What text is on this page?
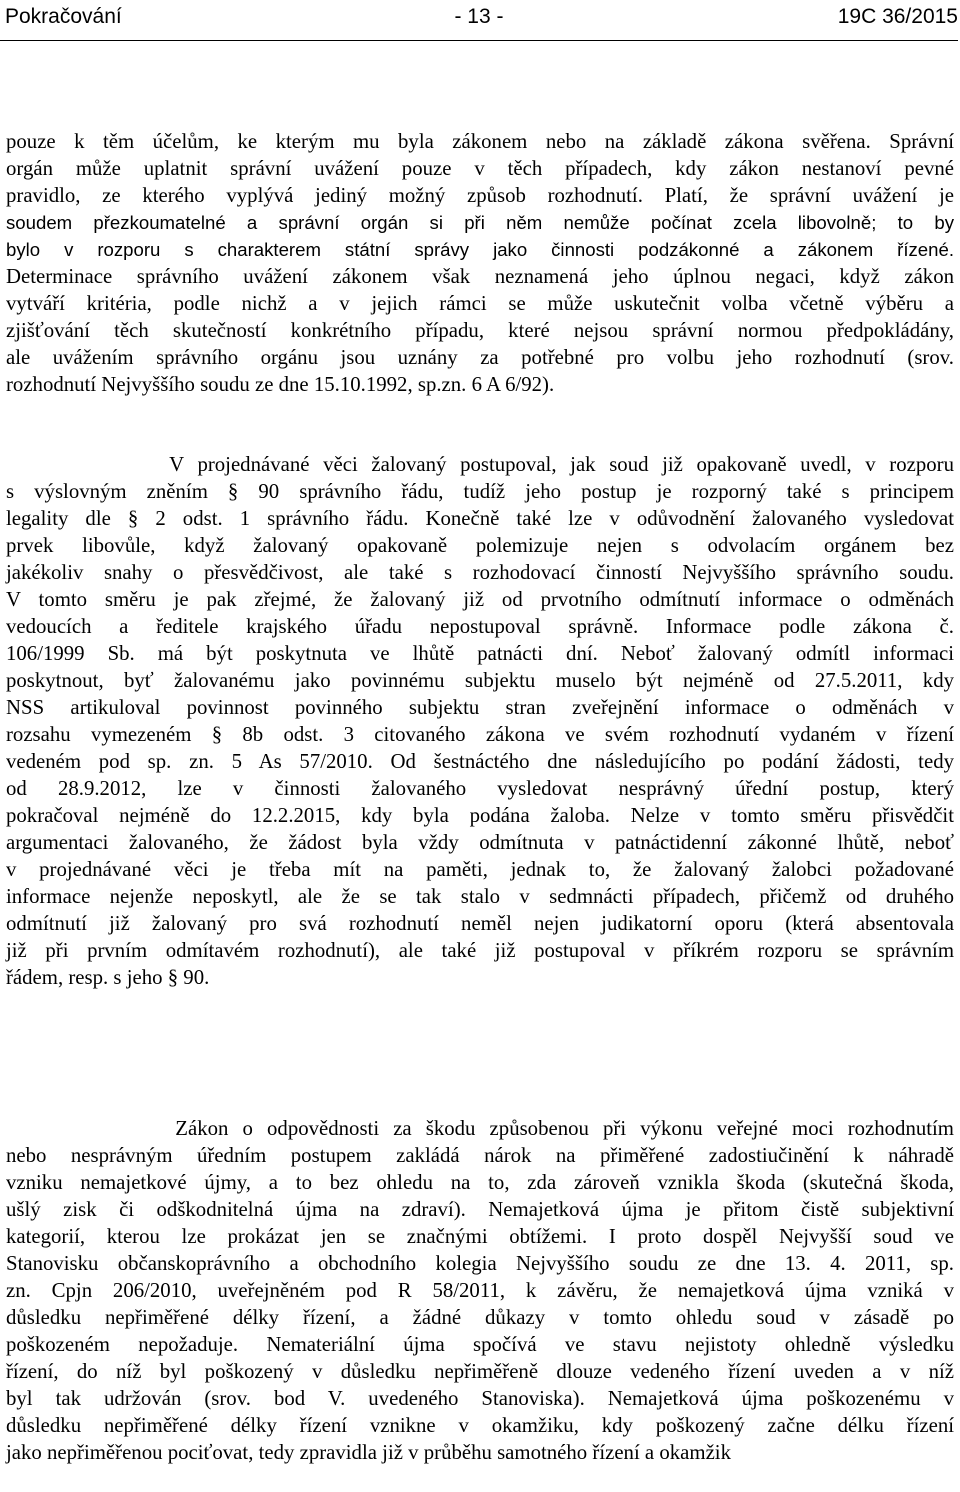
Pokračování	- 13 -	19C 36/2015
pouze k těm účelům, ke kterým mu byla zákonem nebo na základě zákona svěřena. Správní
orgán může uplatnit správní uvážení pouze v těch případech, kdy zákon nestanoví pevné
pravidlo, ze kterého vyplývá jediný možný způsob rozhodnutí. Platí, že správní uvážení je
soudem přezkoumatelné a správní orgán si při něm nemůže počínat zcela libovolně; to by
bylo v rozporu s charakterem státní správy jako činnosti podzákonné a zákonem řízené.
Determinace správního uvážení zákonem však neznamená jeho úplnou negaci, když zákon
vytváří kritéria, podle nichž a v jejich rámci se může uskutečnit volba včetně výběru a
zjišťování těch skutečností konkrétního případu, které nejsou správní normou předpokládány,
ale uvážením správního orgánu jsou uznány za potřebné pro volbu jeho rozhodnutí (srov.
rozhodnutí Nejvyššího soudu ze dne 15.10.1992, sp.zn. 6 A 6/92).
V projednávané věci žalovaný postupoval, jak soud již opakovaně uvedl, v rozporu
s výslovným zněním § 90 správního řádu, tudíž jeho postup je rozporný také s principem
legality dle § 2 odst. 1 správního řádu. Konečně také lze v odůvodnění žalovaného vysledovat
prvek libovůle, když žalovaný opakovaně polemizuje nejen s odvolacím orgánem bez
jakékoliv snahy o přesvědčivost, ale také s rozhodovací činností Nejvyššího správního soudu.
V tomto směru je pak zřejmé, že žalovaný již od prvotního odmítnutí informace o odměnách
vedoucích a ředitele krajského úřadu nepostupoval správně. Informace podle zákona č.
106/1999 Sb. má být poskytnuta ve lhůtě patnácti dní. Neboť žalovaný odmítl informaci
poskytnout, byť žalovanému jako povinnému subjektu muselo být nejméně od 27.5.2011, kdy
NSS artikuloval povinnost povinného subjektu stran zveřejnění informace o odměnách v
rozsahu vymezeném § 8b odst. 3 citovaného zákona ve svém rozhodnutí vydaném v řízení
vedeném pod sp. zn. 5 As 57/2010. Od šestnáctého dne následujícího po podání žádosti, tedy
od 28.9.2012, lze v činnosti žalovaného vysledovat nesprávný úřední postup, který
pokračoval nejméně do 12.2.2015, kdy byla podána žaloba. Nelze v tomto směru přisvědčit
argumentaci žalovaného, že žádost byla vždy odmítnuta v patnáctidenní zákonné lhůtě, neboť
v projednávané věci je třeba mít na paměti, jednak to, že žalovaný žalobci požadované
informace nejenže neposkytl, ale že se tak stalo v sedmnácti případech, přičemž od druhého
odmítnutí již žalovaný pro svá rozhodnutí neměl nejen judikatorní oporu (která absentovala
již při prvním odmítavém rozhodnutí), ale také již postupoval v příkrém rozporu se správním
řádem, resp. s jeho § 90.
Zákon o odpovědnosti za škodu způsobenou při výkonu veřejné moci rozhodnutím
nebo nesprávným úředním postupem zakládá nárok na přiměřené zadostiučinění k náhradě
vzniku nemajetkové újmy, a to bez ohledu na to, zda zároveň vznikla škoda (skutečná škoda,
ušlý zisk či odškodnitelná újma na zdraví). Nemajetková újma je přitom čistě subjektivní
kategorií, kterou lze prokázat jen se značnými obtížemi. I proto dospěl Nejvyšší soud ve
Stanovisku občanskoprávního a obchodního kolegia Nejvyššího soudu ze dne 13. 4. 2011, sp.
zn. Cpjn 206/2010, uveřejněném pod R 58/2011, k závěru, že nemajetková újma vzniká v
důsledku nepřiměřené délky řízení, a žádné důkazy v tomto ohledu soud v zásadě po
poškozeném nepožaduje. Nemateriální újma spočívá ve stavu nejistoty ohledně výsledku
řízení, do níž byl poškozený v důsledku nepřiměřeně dlouze vedeného řízení uveden a v níž
byl tak udržován (srov. bod V. uvedeného Stanoviska). Nemajetková újma poškozenému v
důsledku nepřiměřené délky řízení vznikne v okamžiku, kdy poškozený začne délku řízení
jako nepřiměřenou pociťovat, tedy zpravidla již v průběhu samotného řízení a okamžik
